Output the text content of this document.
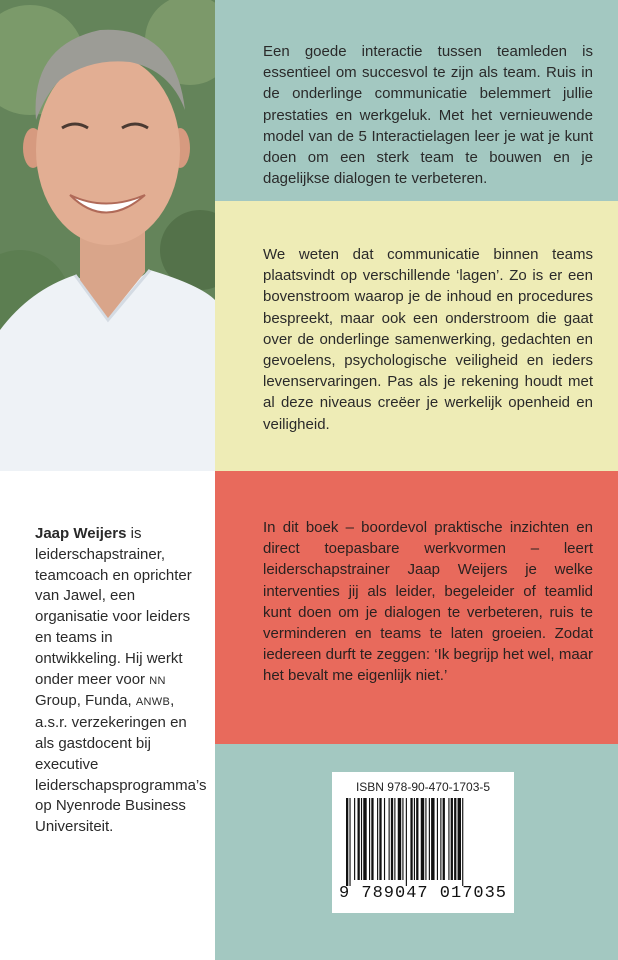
Een goede interactie tussen teamleden is essentieel om succesvol te zijn als team. Ruis in de onderlinge communicatie belemmert jullie prestaties en werkgeluk. Met het vernieuwende model van de 5 Interactielagen leer je wat je kunt doen om een sterk team te bouwen en je dagelijkse dialogen te verbeteren.

We weten dat communicatie binnen teams plaatsvindt op verschillende ‘lagen’. Zo is er een bovenstroom waarop je de inhoud en procedures bespreekt, maar ook een onderstroom die gaat over de onderlinge samenwerking, gedachten en gevoelens, psychologische veiligheid en ieders levenservaringen. Pas als je rekening houdt met al deze niveaus creëer je werkelijk openheid en veiligheid.

In dit boek – boordevol praktische inzichten en direct toepasbare werkvormen – leert leiderschapstrainer Jaap Weijers je welke interventies jij als leider, begeleider of teamlid kunt doen om je dialogen te verbeteren, ruis te verminderen en teams te laten groeien. Zodat iedereen durft te zeggen: ‘Ik begrijp het wel, maar het bevalt me eigenlijk niet.’

Jaap Weijers is leiderschapstrainer, teamcoach en oprichter van Jawel, een organisatie voor leiders en teams in ontwikkeling. Hij werkt onder meer voor NN Group, Funda, ANWB, a.s.r. verzekeringen en als gastdocent bij executive leiderschapsprogramma’s op Nyenrode Business Universiteit.

ISBN 978-90-470-1703-5
9 789047 017035
